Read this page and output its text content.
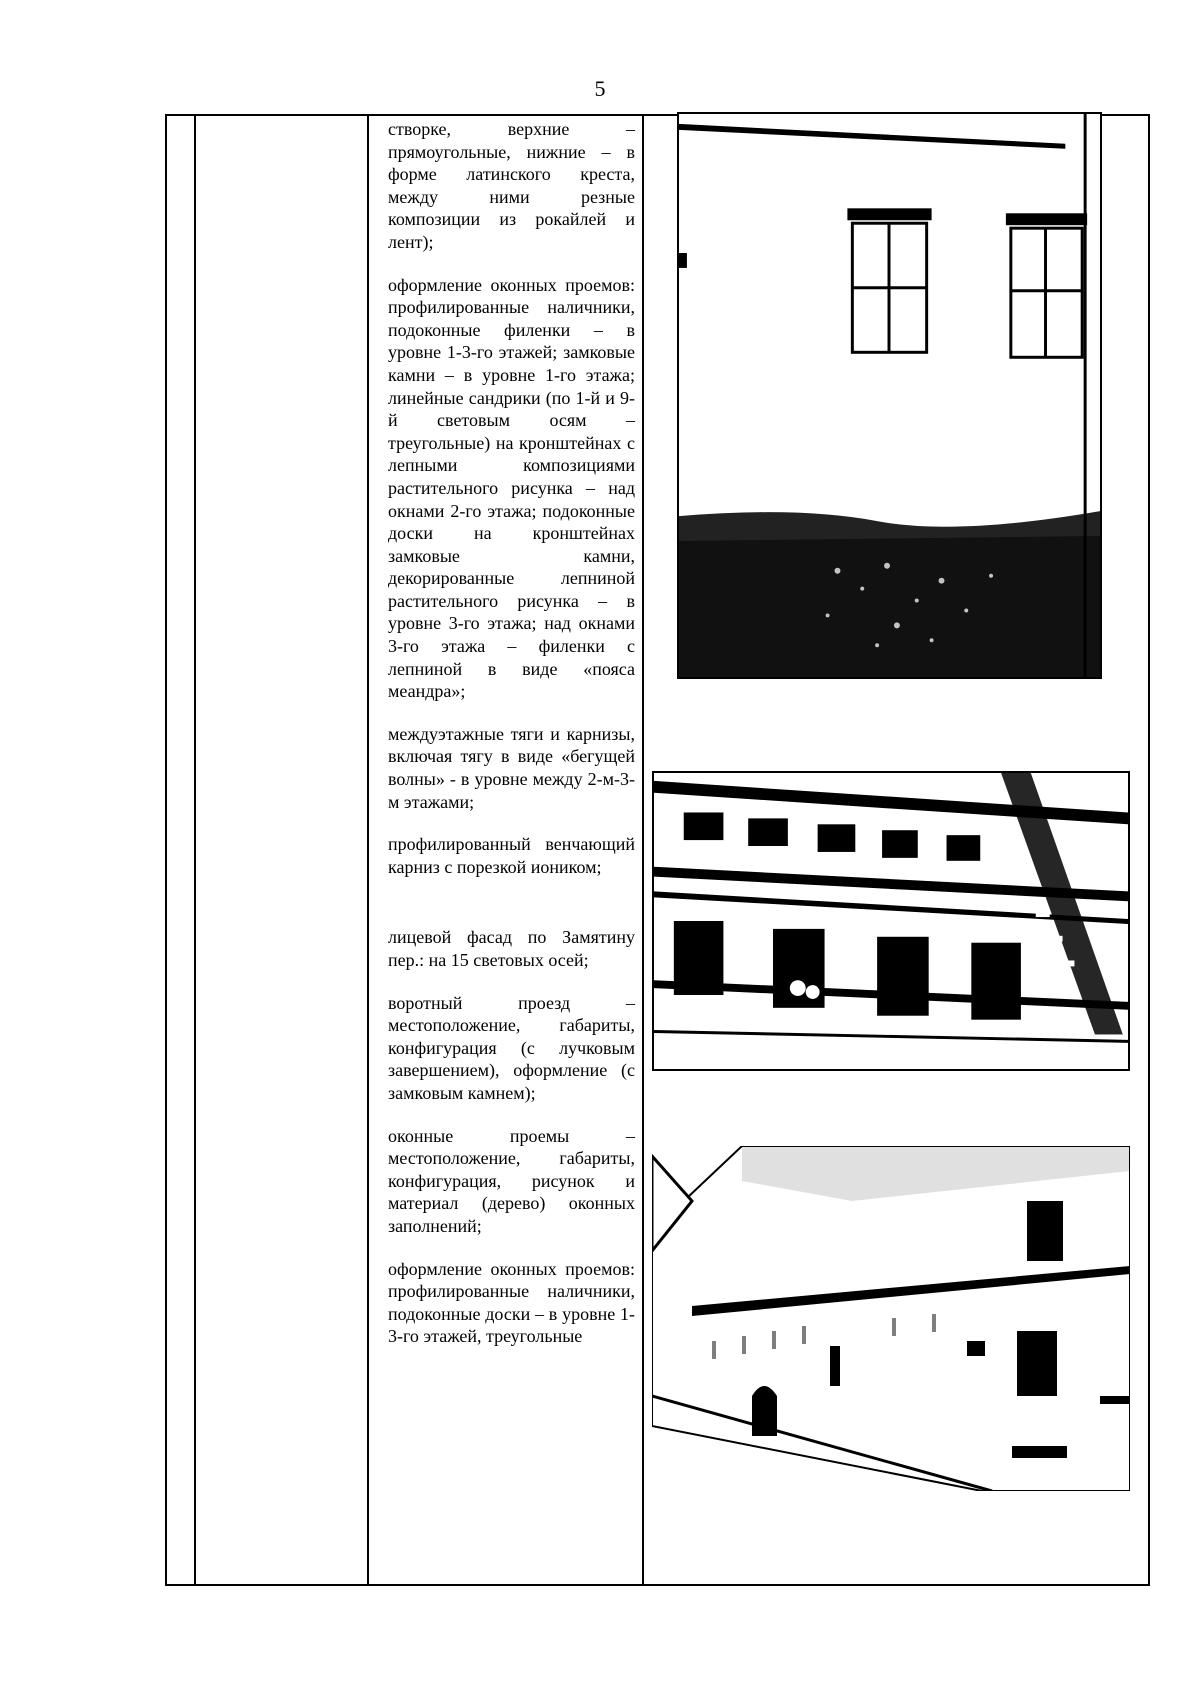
5

створке, верхние – прямоугольные, нижние – в форме латинского креста, между ними резные композиции из рокайлей и лент);

оформление оконных проемов: профилированные наличники, подоконные филенки – в уровне 1-3-го этажей; замковые камни – в уровне 1-го этажа; линейные сандрики (по 1-й и 9-й световым осям – треугольные) на кронштейнах с лепными композициями растительного рисунка – над окнами 2-го этажа; подоконные доски на кронштейнах замковые камни, декорированные лепниной растительного рисунка – в уровне 3-го этажа; над окнами 3-го этажа – филенки с лепниной в виде «пояса меандра»;

междуэтажные тяги и карнизы, включая тягу в виде «бегущей волны» - в уровне между 2-м-3-м этажами;

профилированный венчающий карниз с порезкой иоником;

лицевой фасад по Замятину пер.: на 15 световых осей;

воротный проезд – местоположение, габариты, конфигурация (с лучковым завершением), оформление (с замковым камнем);

оконные проемы – местоположение, габариты, конфигурация, рисунок и материал (дерево) оконных заполнений;

оформление оконных проемов: профилированные наличники, подоконные доски – в уровне 1-3-го этажей, треугольные
